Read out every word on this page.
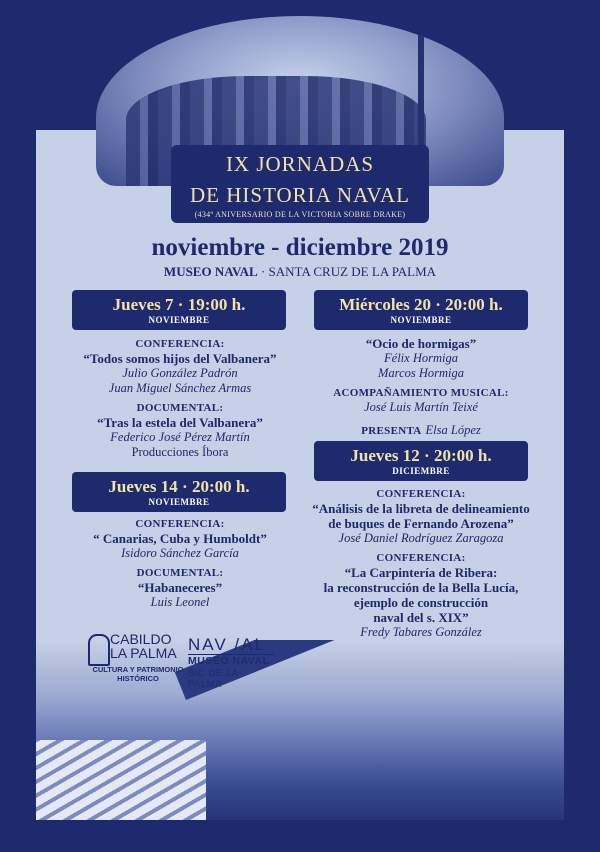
IX JORNADAS
DE HISTORIA NAVAL
(434º ANIVERSARIO DE LA VICTORIA SOBRE DRAKE)
noviembre - diciembre 2019
MUSEO NAVAL · SANTA CRUZ DE LA PALMA
Jueves 7 · 19:00 h.
NOVIEMBRE
CONFERENCIA:
“Todos somos hijos del Valbanera”
Julio González Padrón
Juan Miguel Sánchez Armas
DOCUMENTAL:
“Tras la estela del Valbanera”
Federico José Pérez Martín
Producciones Íbora
Jueves 14 · 20:00 h.
NOVIEMBRE
CONFERENCIA:
“ Canarias, Cuba y Humboldt”
Isidoro Sánchez García
DOCUMENTAL:
“Habaneceres”
Luis Leonel
Miércoles 20 · 20:00 h.
NOVIEMBRE
“Ocio de hormigas”
Félix Hormiga
Marcos Hormiga
ACOMPAÑAMIENTO MUSICAL:
José Luis Martín Teixé
PRESENTA Elsa López
Jueves 12 · 20:00 h.
DICIEMBRE
CONFERENCIA:
“Análisis de la libreta de delineamiento
de buques de Fernando Arozena”
José Daniel Rodríguez Zaragoza
CONFERENCIA:
“La Carpintería de Ribera:
la reconstrucción de la Bella Lucía,
ejemplo de construcción
naval del s. XIX”
Fredy Tabares González
CABILDO
LA PALMA
CULTURA Y PATRIMONIO HISTÓRICO
NAV /AL
MUSEO NAVAL
S/C DE LA PALMA
